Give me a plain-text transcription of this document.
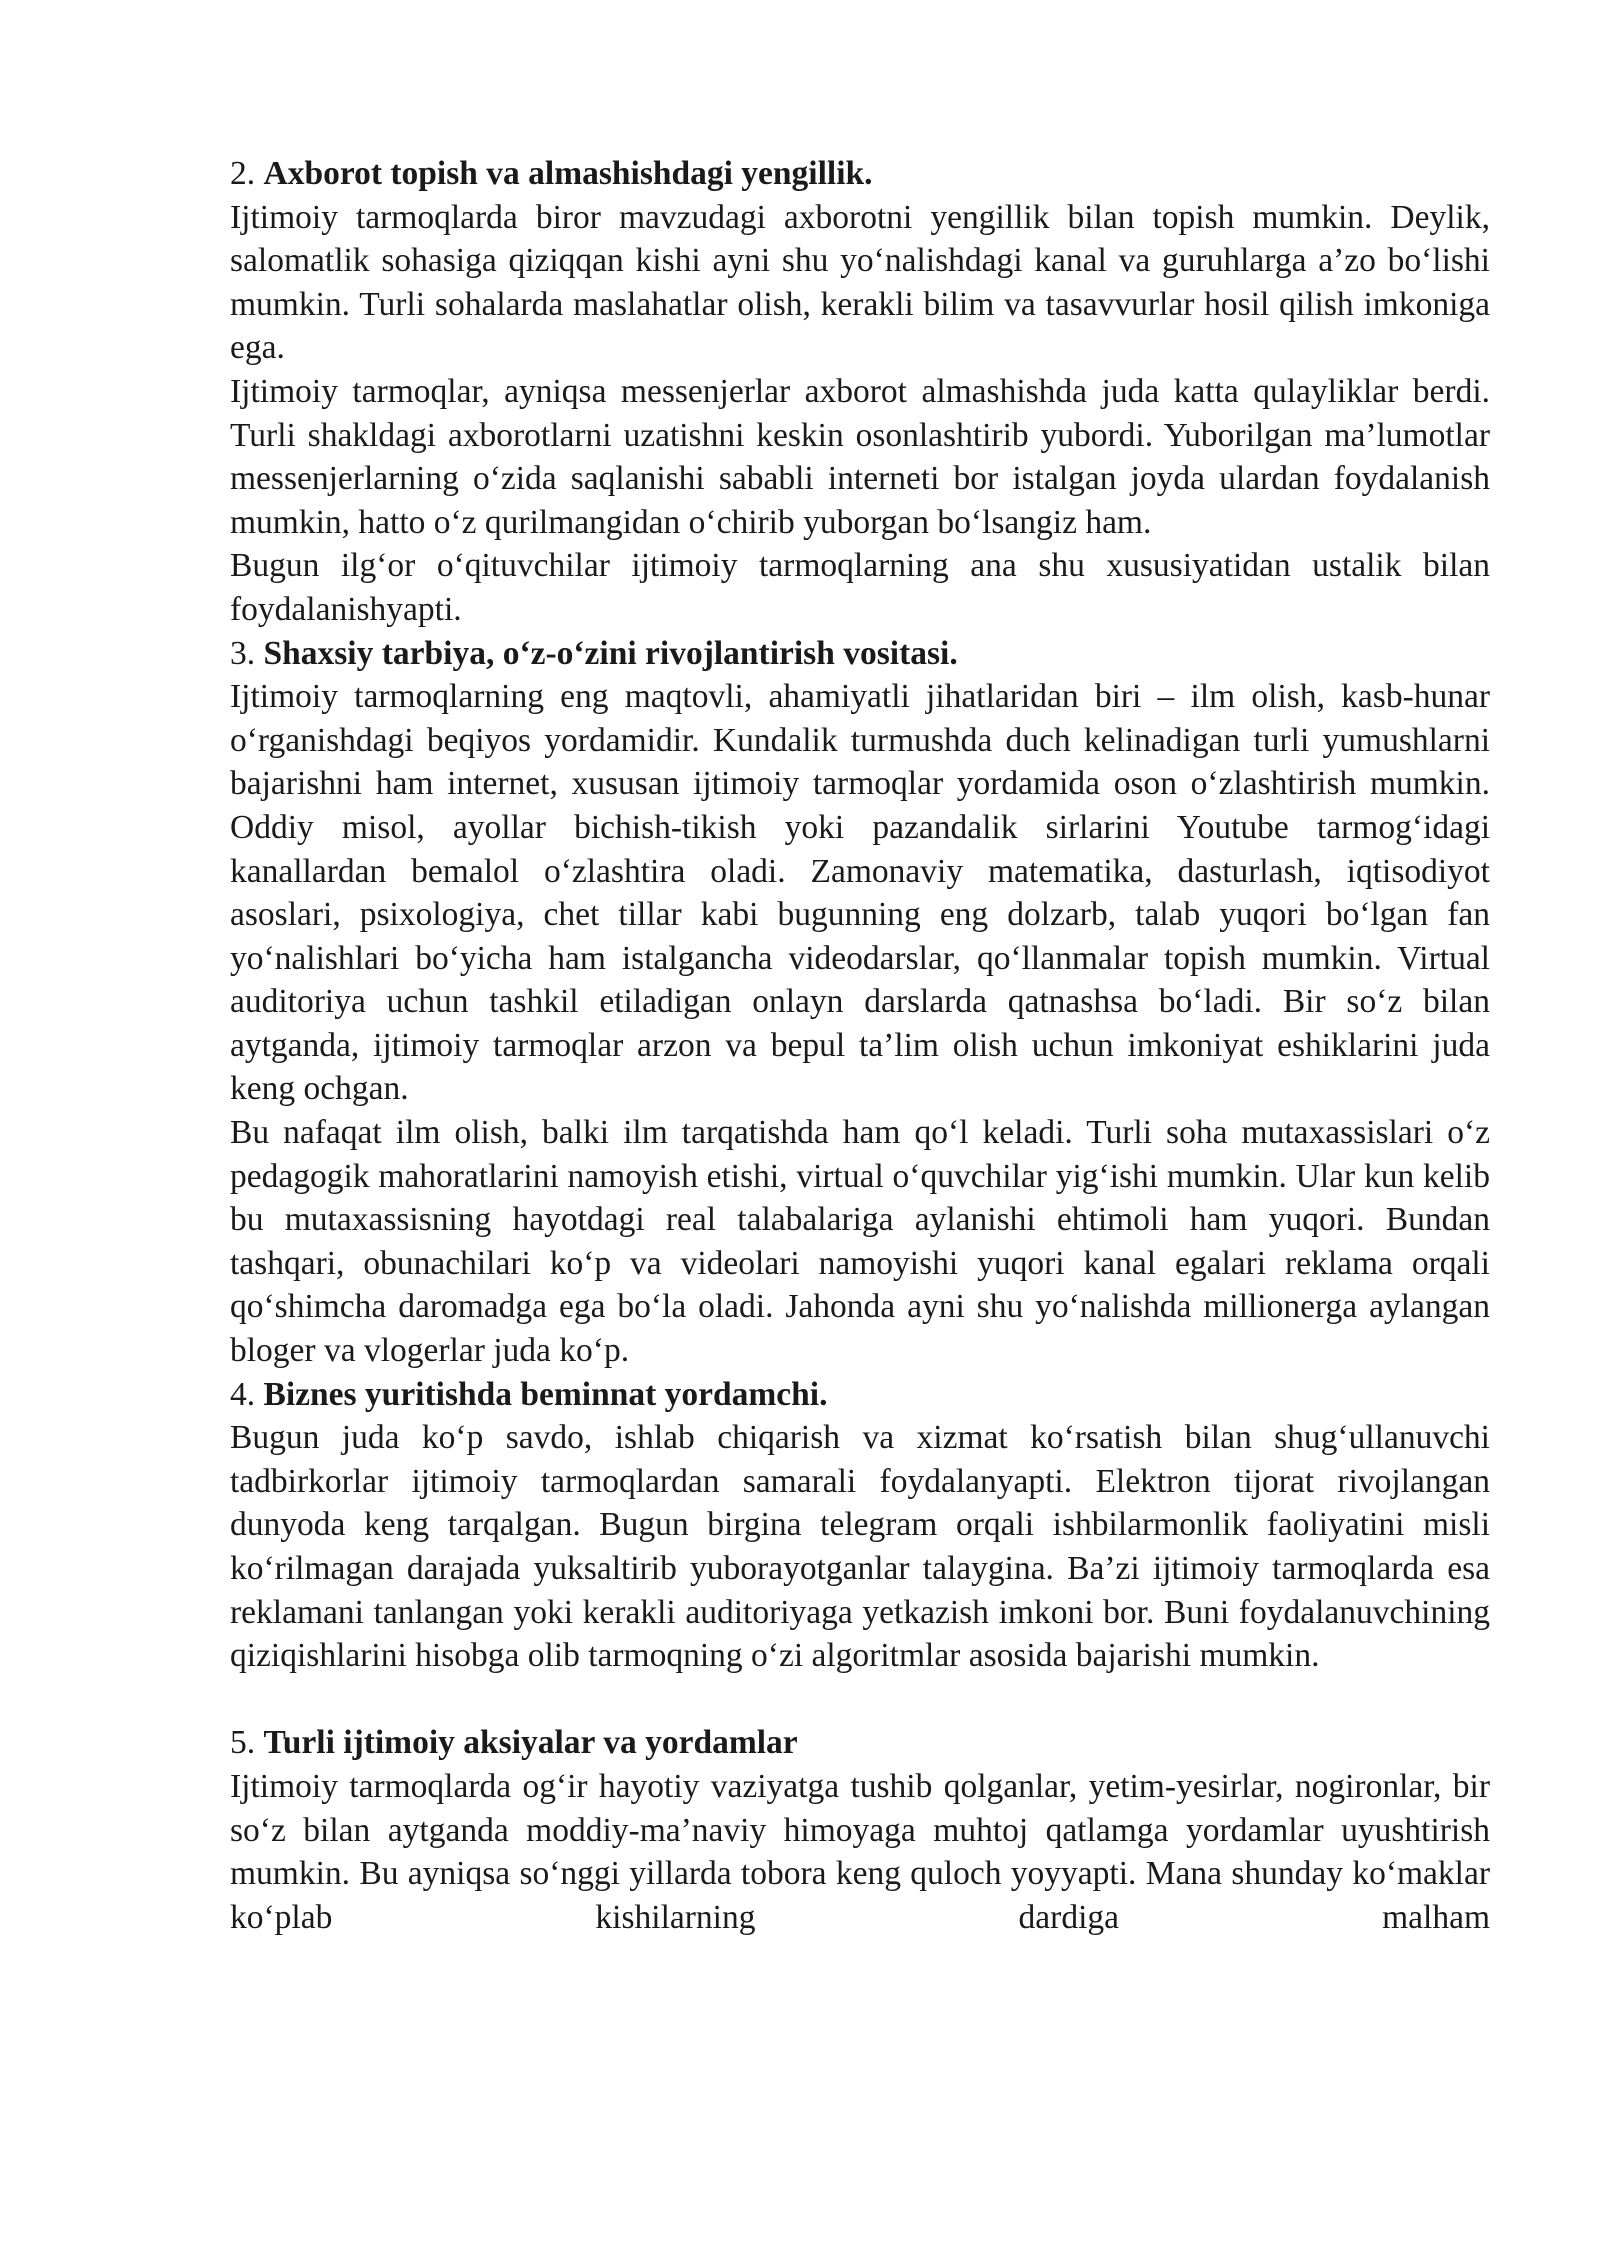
2. Axborot topish va almashishdagi yengillik.

Ijtimoiy tarmoqlarda biror mavzudagi axborotni yengillik bilan topish mumkin. Deylik, salomatlik sohasiga qiziqqan kishi ayni shu yo‘nalishdagi kanal va guruhlarga a’zo bo‘lishi mumkin. Turli sohalarda maslahatlar olish, kerakli bilim va tasavvurlar hosil qilish imkoniga ega.

Ijtimoiy tarmoqlar, ayniqsa messenjerlar axborot almashishda juda katta qulayliklar berdi. Turli shakldagi axborotlarni uzatishni keskin osonlashtirib yubordi. Yuborilgan ma’lumotlar messenjerlarning o‘zida saqlanishi sababli interneti bor istalgan joyda ulardan foydalanish mumkin, hatto o‘z qurilmangidan o‘chirib yuborgan bo‘lsangiz ham.

Bugun ilg‘or o‘qituvchilar ijtimoiy tarmoqlarning ana shu xususiyatidan ustalik bilan foydalanishyapti.

3. Shaxsiy tarbiya, o‘z-o‘zini rivojlantirish vositasi.

Ijtimoiy tarmoqlarning eng maqtovli, ahamiyatli jihatlaridan biri – ilm olish, kasb-hunar o‘rganishdagi beqiyos yordamidir. Kundalik turmushda duch kelinadigan turli yumushlarni bajarishni ham internet, xususan ijtimoiy tarmoqlar yordamida oson o‘zlashtirish mumkin. Oddiy misol, ayollar bichish-tikish yoki pazandalik sirlarini Youtube tarmog‘idagi kanallardan bemalol o‘zlashtira oladi. Zamonaviy matematika, dasturlash, iqtisodiyot asoslari, psixologiya, chet tillar kabi bugunning eng dolzarb, talab yuqori bo‘lgan fan yo‘nalishlari bo‘yicha ham istalgancha videodarslar, qo‘llanmalar topish mumkin. Virtual auditoriya uchun tashkil etiladigan onlayn darslarda qatnashsa bo‘ladi. Bir so‘z bilan aytganda, ijtimoiy tarmoqlar arzon va bepul ta’lim olish uchun imkoniyat eshiklarini juda keng ochgan.

Bu nafaqat ilm olish, balki ilm tarqatishda ham qo‘l keladi. Turli soha mutaxassislari o‘z pedagogik mahoratlarini namoyish etishi, virtual o‘quvchilar yig‘ishi mumkin. Ular kun kelib bu mutaxassisning hayotdagi real talabalariga aylanishi ehtimoli ham yuqori. Bundan tashqari, obunachilari ko‘p va videolari namoyishi yuqori kanal egalari reklama orqali qo‘shimcha daromadga ega bo‘la oladi. Jahonda ayni shu yo‘nalishda millionerga aylangan bloger va vlogerlar juda ko‘p.

4. Biznes yuritishda beminnat yordamchi.

Bugun juda ko‘p savdo, ishlab chiqarish va xizmat ko‘rsatish bilan shug‘ullanuvchi tadbirkorlar ijtimoiy tarmoqlardan samarali foydalanyapti. Elektron tijorat rivojlangan dunyoda keng tarqalgan. Bugun birgina telegram orqali ishbilarmonlik faoliyatini misli ko‘rilmagan darajada yuksaltirib yuborayotganlar talaygina. Ba’zi ijtimoiy tarmoqlarda esa reklamani tanlangan yoki kerakli auditoriyaga yetkazish imkoni bor. Buni foydalanuvchining qiziqishlarini hisobga olib tarmoqning o‘zi algoritmlar asosida bajarishi mumkin.

5. Turli ijtimoiy aksiyalar va yordamlar

Ijtimoiy tarmoqlarda og‘ir hayotiy vaziyatga tushib qolganlar, yetim-yesirlar, nogironlar, bir so‘z bilan aytganda moddiy-ma’naviy himoyaga muhtoj qatlamga yordamlar uyushtirish mumkin. Bu ayniqsa so‘nggi yillarda tobora keng quloch yoyyapti. Mana shunday ko‘maklar ko‘plab kishilarning dardiga malham
